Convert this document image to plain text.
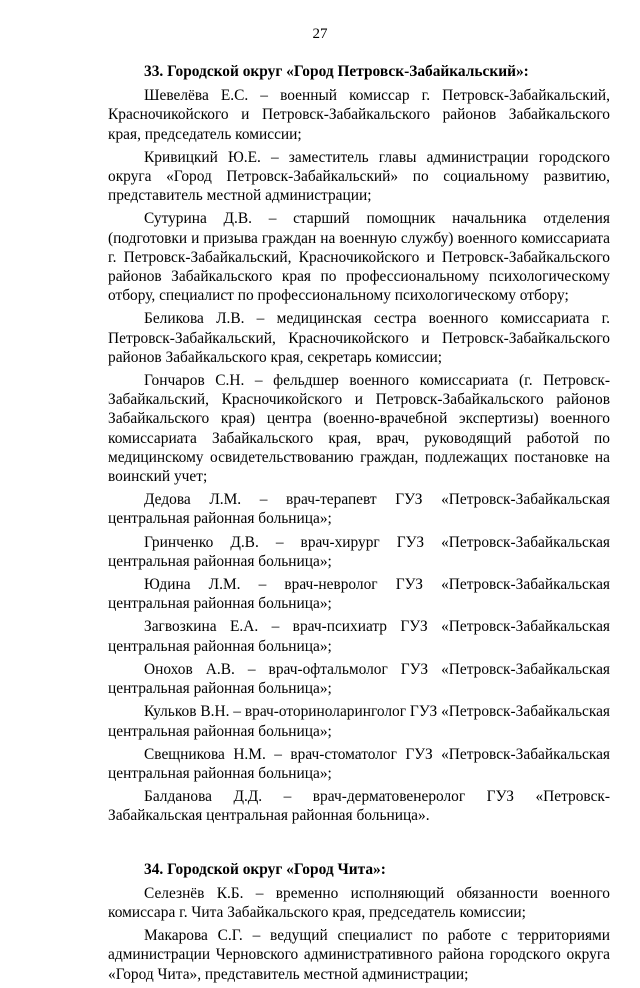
27
33. Городской округ «Город Петровск-Забайкальский»:

Шевелёва Е.С. – военный комиссар г. Петровск-Забайкальский, Красночикойского и Петровск-Забайкальского районов Забайкальского края, председатель комиссии;

Кривицкий Ю.Е. – заместитель главы администрации городского округа «Город Петровск-Забайкальский» по социальному развитию, представитель местной администрации;

Сутурина Д.В. – старший помощник начальника отделения (подготовки и призыва граждан на военную службу) военного комиссариата г. Петровск-Забайкальский, Красночикойского и Петровск-Забайкальского районов Забайкальского края по профессиональному психологическому отбору, специалист по профессиональному психологическому отбору;

Беликова Л.В. – медицинская сестра военного комиссариата г. Петровск-Забайкальский, Красночикойского и Петровск-Забайкальского районов Забайкальского края, секретарь комиссии;

Гончаров С.Н. – фельдшер военного комиссариата (г. Петровск-Забайкальский, Красночикойского и Петровск-Забайкальского районов Забайкальского края) центра (военно-врачебной экспертизы) военного комиссариата Забайкальского края, врач, руководящий работой по медицинскому освидетельствованию граждан, подлежащих постановке на воинский учет;

Дедова Л.М. – врач-терапевт ГУЗ «Петровск-Забайкальская центральная районная больница»;

Гринченко Д.В. – врач-хирург ГУЗ «Петровск-Забайкальская центральная районная больница»;

Юдина Л.М. – врач-невролог ГУЗ «Петровск-Забайкальская центральная районная больница»;

Загвозкина Е.А. – врач-психиатр ГУЗ «Петровск-Забайкальская центральная районная больница»;

Онохов А.В. – врач-офтальмолог ГУЗ «Петровск-Забайкальская центральная районная больница»;

Кульков В.Н. – врач-оториноларинголог ГУЗ «Петровск-Забайкальская центральная районная больница»;

Свещникова Н.М. – врач-стоматолог ГУЗ «Петровск-Забайкальская центральная районная больница»;

Балданова Д.Д. – врач-дерматовенеролог ГУЗ «Петровск-Забайкальская центральная районная больница».

34. Городской округ «Город Чита»:

Селезнёв К.Б. – временно исполняющий обязанности военного комиссара г. Чита Забайкальского края, председатель комиссии;

Макарова С.Г. – ведущий специалист по работе с территориями администрации Черновского административного района городского округа «Город Чита», представитель местной администрации;
